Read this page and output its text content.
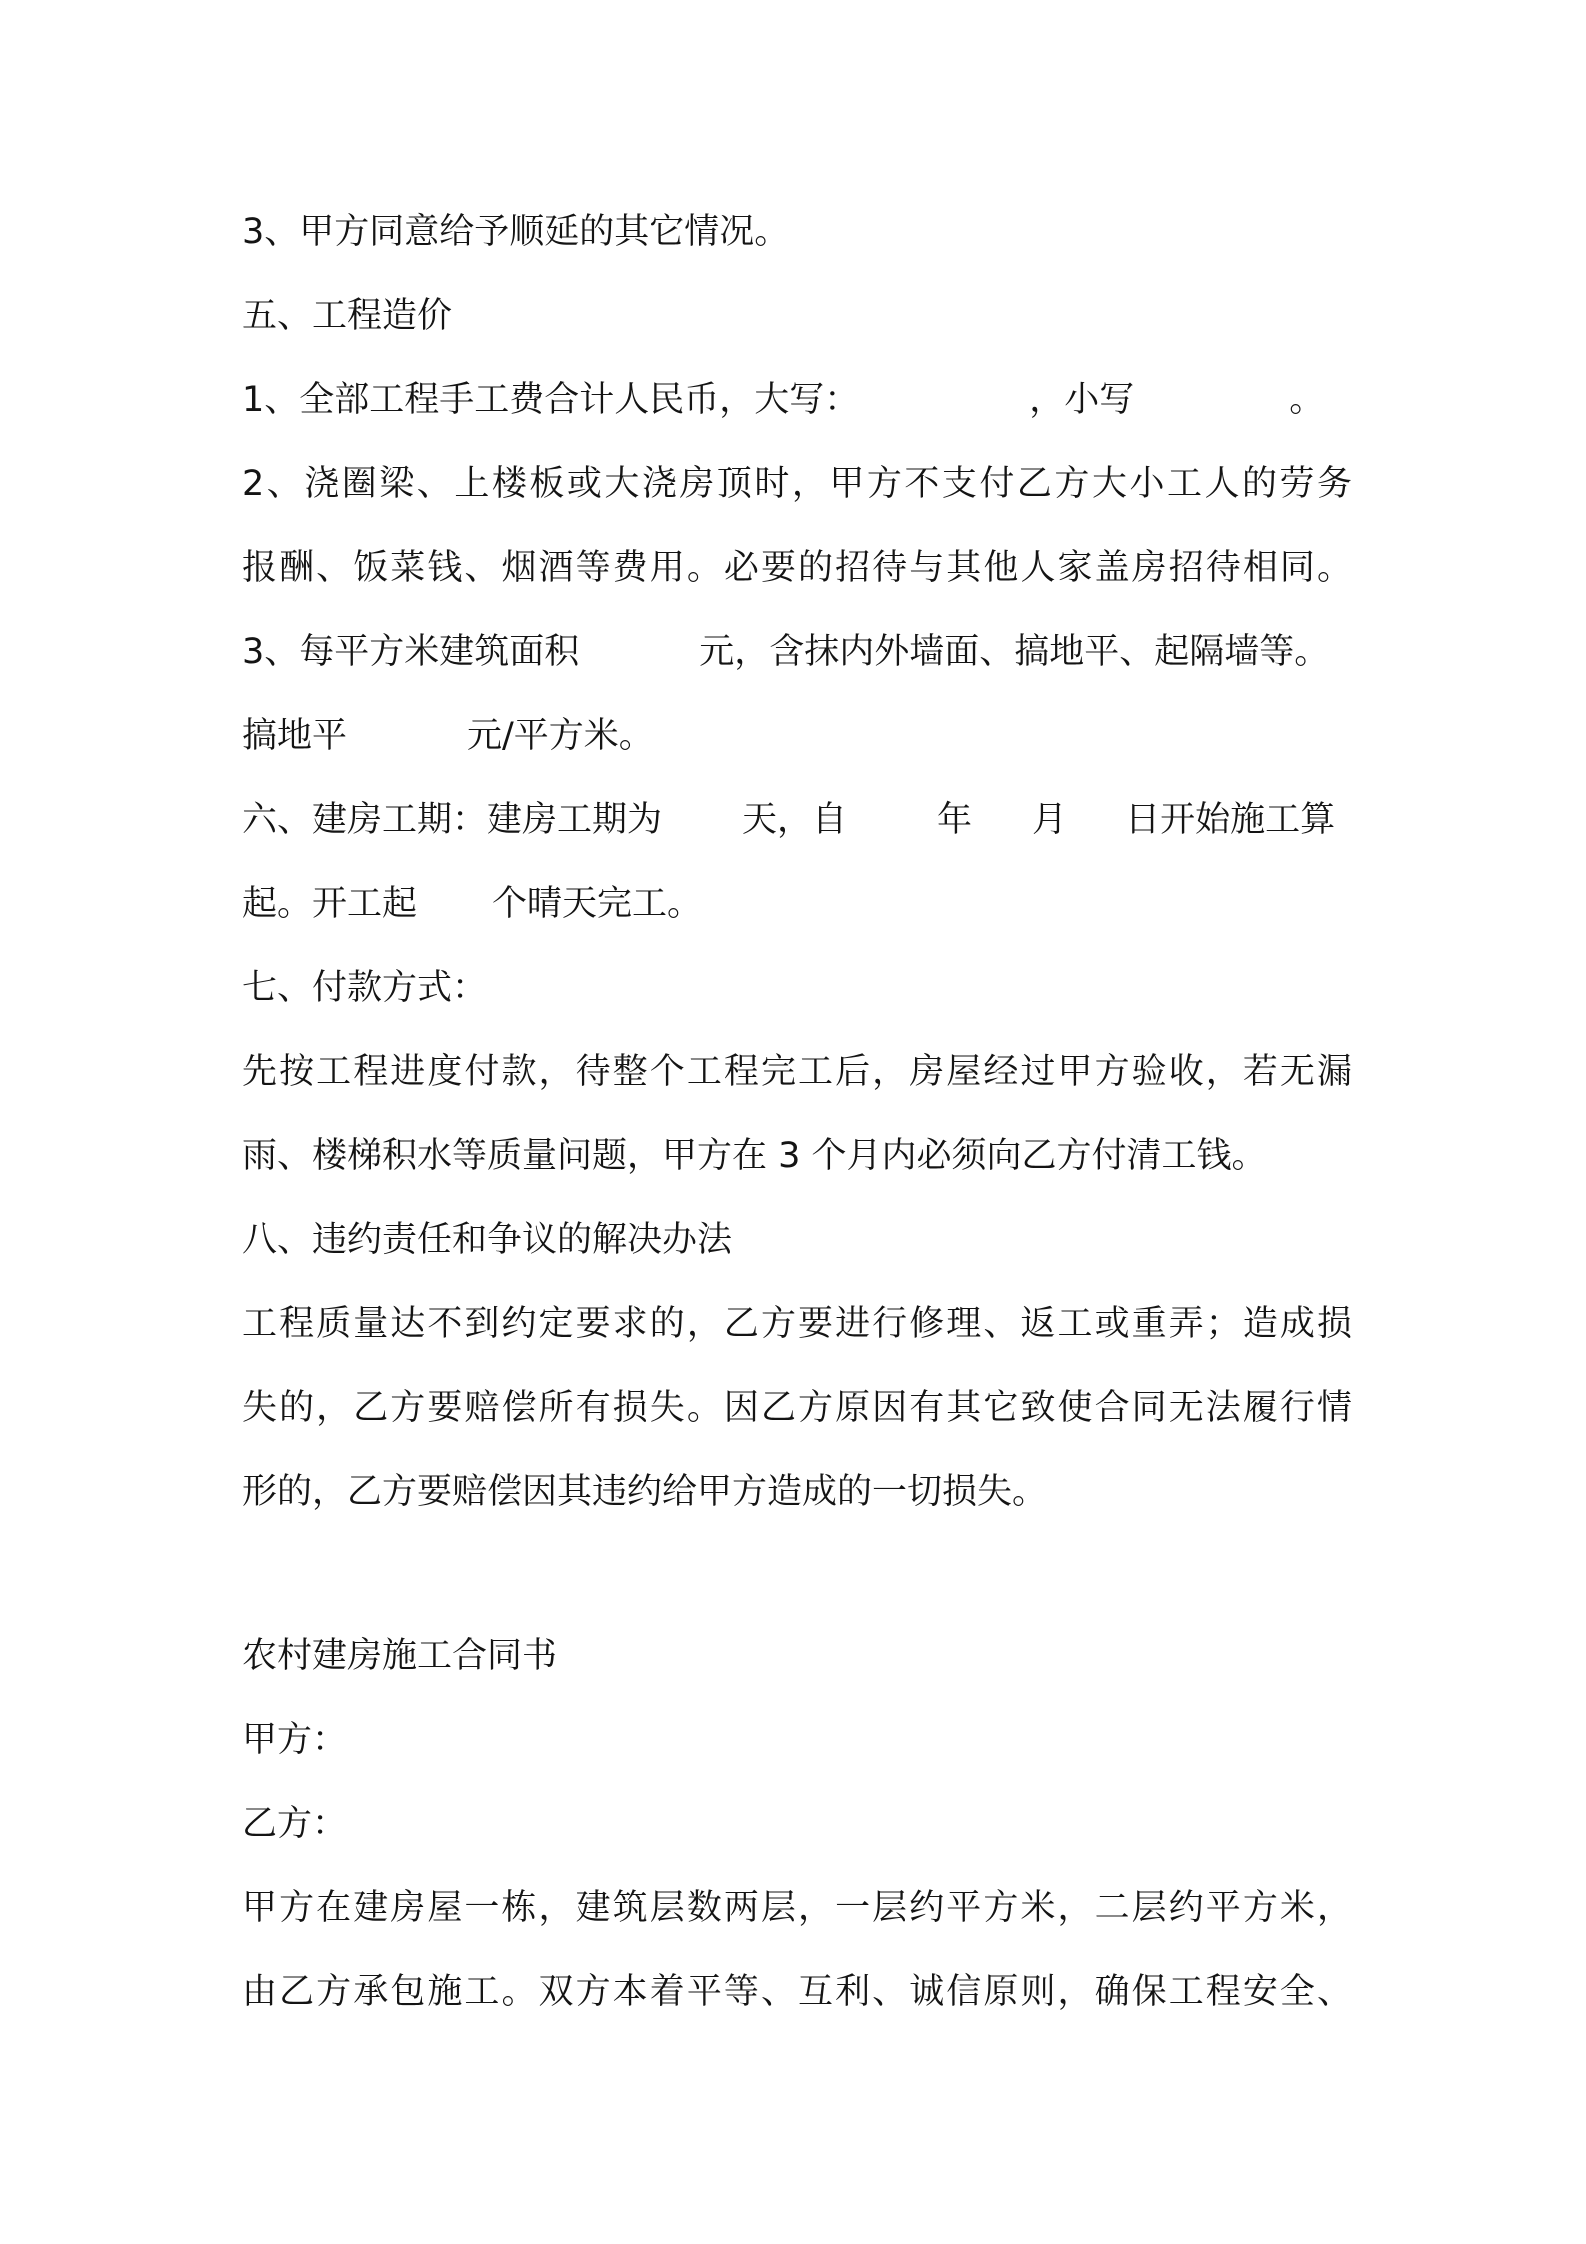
3、甲方同意给予顺延的其它情况。
五、工程造价
1、全部工程手工费合计人民币，大写：	，小写	。
2、浇圈梁、上楼板或大浇房顶时，甲方不支付乙方大小工人的劳务
报酬、饭菜钱、烟酒等费用。必要的招待与其他人家盖房招待相同。
3、每平方米建筑面积	元，含抹内外墙面、搞地平、起隔墙等。
搞地平	元/平方米。
六、建房工期：建房工期为 天，自	年 月 日开始施工算
起。开工起 个晴天完工。
七、付款方式：
先按工程进度付款，待整个工程完工后，房屋经过甲方验收，若无漏
雨、楼梯积水等质量问题，甲方在 3 个月内必须向乙方付清工钱。
八、违约责任和争议的解决办法
工程质量达不到约定要求的，乙方要进行修理、返工或重弄；造成损
失的，乙方要赔偿所有损失。因乙方原因有其它致使合同无法履行情
形的，乙方要赔偿因其违约给甲方造成的一切损失。
农村建房施工合同书
甲方：
乙方：
甲方在建房屋一栋，建筑层数两层，一层约平方米，二层约平方米，
由乙方承包施工。双方本着平等、互利、诚信原则，确保工程安全、
